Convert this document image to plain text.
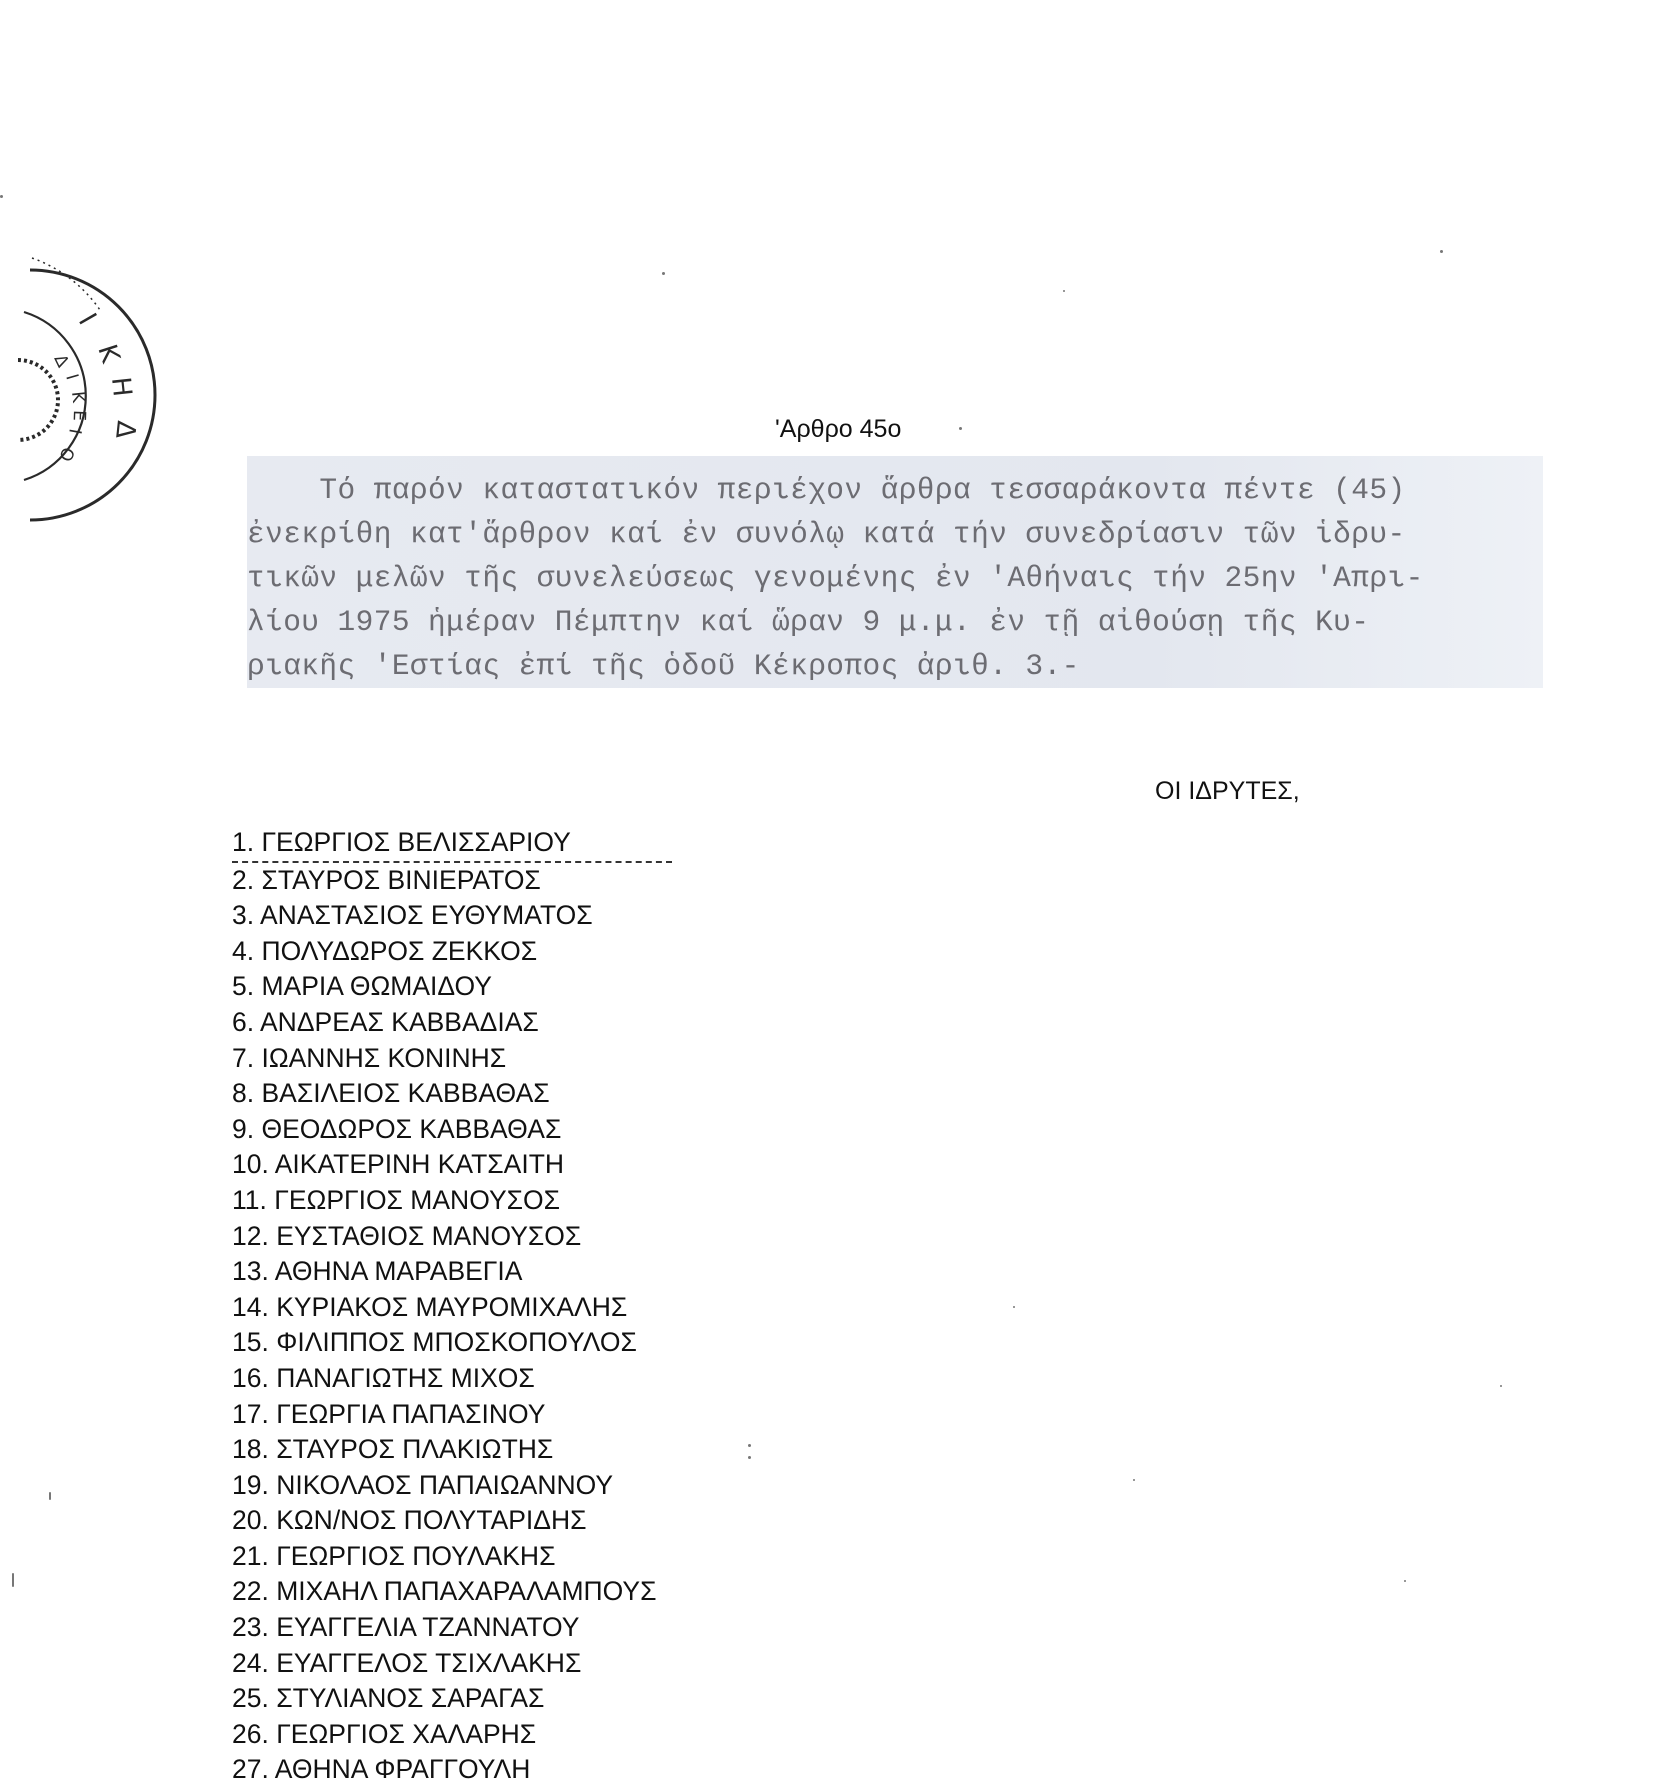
Ι
Κ
Η
Δ
Δ
Ι
Κ
Ε
Ι
Ο
'Αρθρο 45ο
Τό παρόν καταστατικόν περιέχον ἅρθρα τεσσαράκοντα πέντε (45)
ἐνεκρίθη κατ'ἅρθρον καί ἐν συνόλῳ κατά τήν συνεδρίασιν τῶν ἱδρυ-
τικῶν μελῶν τῆς συνελεύσεως γενομένης ἐν 'Αθήναις τήν 25ην 'Απρι-
λίου 1975 ἡμέραν Πέμπτην καί ὥραν 9 μ.μ. ἐν τῇ αἰθούσῃ τῆς Κυ-
ριακῆς 'Εστίας ἐπί τῆς ὁδοῦ Κέκροπος ἀριθ. 3.-
ΟΙ ΙΔΡΥΤΕΣ,
1. ΓΕΩΡΓΙΟΣ ΒΕΛΙΣΣΑΡΙΟΥ
2. ΣΤΑΥΡΟΣ ΒΙΝΙΕΡΑΤΟΣ
3. ΑΝΑΣΤΑΣΙΟΣ ΕΥΘΥΜΑΤΟΣ
4. ΠΟΛΥΔΩΡΟΣ ΖΕΚΚΟΣ
5. ΜΑΡΙΑ ΘΩΜΑΙΔΟΥ
6. ΑΝΔΡΕΑΣ ΚΑΒΒΑΔΙΑΣ
7. ΙΩΑΝΝΗΣ ΚΟΝΙΝΗΣ
8. ΒΑΣΙΛΕΙΟΣ ΚΑΒΒΑΘΑΣ
9. ΘΕΟΔΩΡΟΣ ΚΑΒΒΑΘΑΣ
10. ΑΙΚΑΤΕΡΙΝΗ ΚΑΤΣΑΙΤΗ
11. ΓΕΩΡΓΙΟΣ ΜΑΝΟΥΣΟΣ
12. ΕΥΣΤΑΘΙΟΣ ΜΑΝΟΥΣΟΣ
13. ΑΘΗΝΑ ΜΑΡΑΒΕΓΙΑ
14. ΚΥΡΙΑΚΟΣ ΜΑΥΡΟΜΙΧΑΛΗΣ
15. ΦΙΛΙΠΠΟΣ ΜΠΟΣΚΟΠΟΥΛΟΣ
16. ΠΑΝΑΓΙΩΤΗΣ ΜΙΧΟΣ
17. ΓΕΩΡΓΙΑ ΠΑΠΑΣΙΝΟΥ
18. ΣΤΑΥΡΟΣ ΠΛΑΚΙΩΤΗΣ
19. ΝΙΚΟΛΑΟΣ ΠΑΠΑΙΩΑΝΝΟΥ
20. ΚΩΝ/ΝΟΣ ΠΟΛΥΤΑΡΙΔΗΣ
21. ΓΕΩΡΓΙΟΣ ΠΟΥΛΑΚΗΣ
22. ΜΙΧΑΗΛ ΠΑΠΑΧΑΡΑΛΑΜΠΟΥΣ
23. ΕΥΑΓΓΕΛΙΑ ΤΖΑΝΝΑΤΟΥ
24. ΕΥΑΓΓΕΛΟΣ ΤΣΙΧΛΑΚΗΣ
25. ΣΤΥΛΙΑΝΟΣ ΣΑΡΑΓΑΣ
26. ΓΕΩΡΓΙΟΣ ΧΑΛΑΡΗΣ
27. ΑΘΗΝΑ ΦΡΑΓΓΟΥΛΗ
